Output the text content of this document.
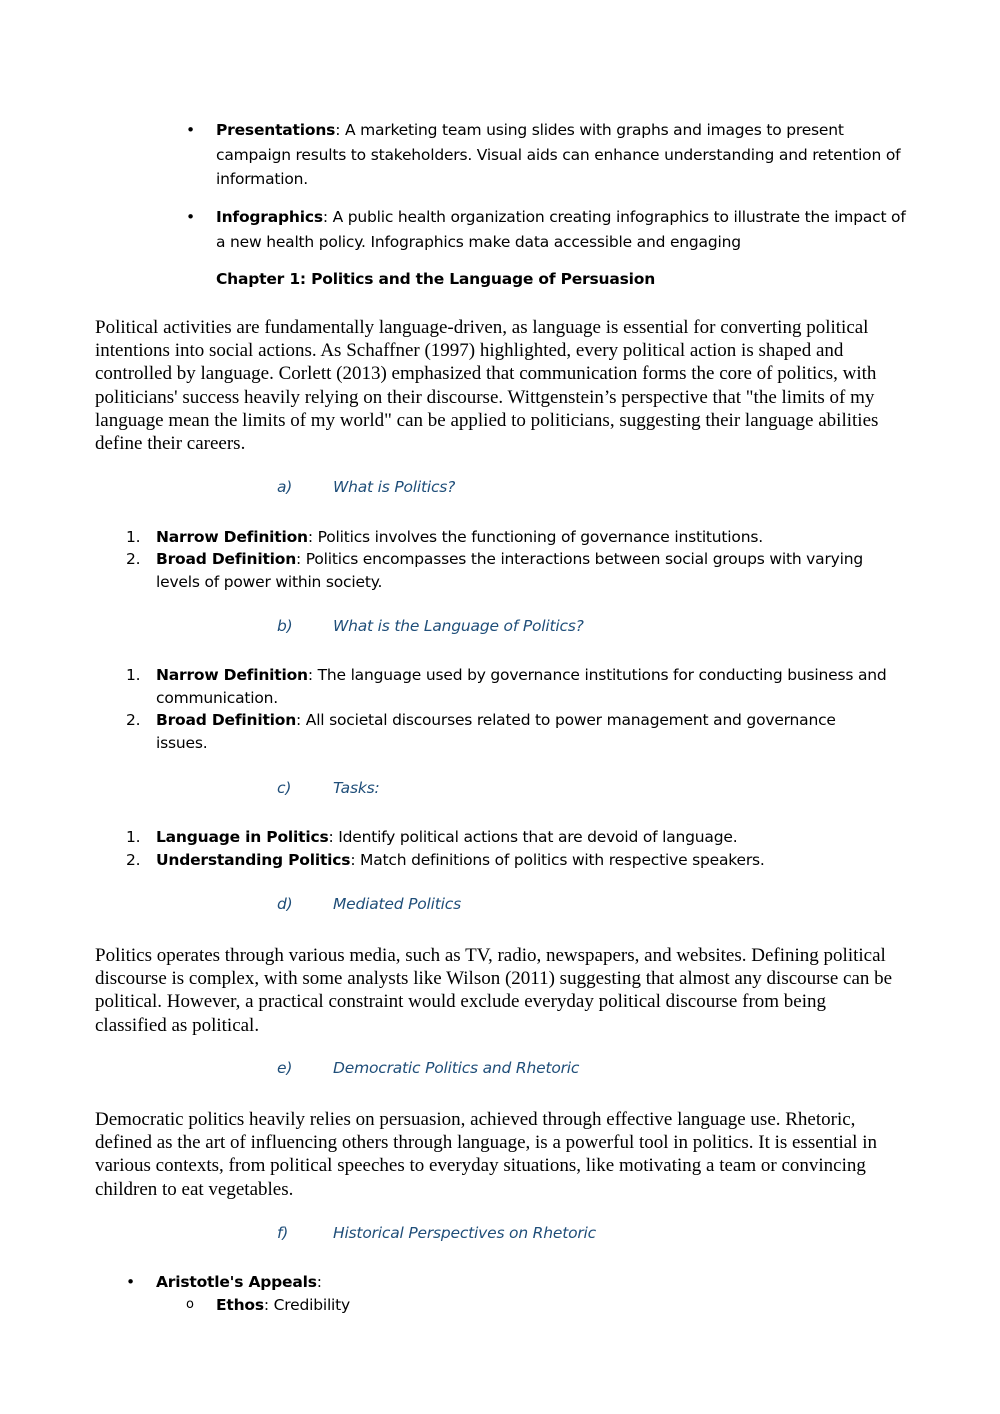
• Presentations: A marketing team using slides with graphs and images to present campaign results to stakeholders. Visual aids can enhance understanding and retention of information.
• Infographics: A public health organization creating infographics to illustrate the impact of a new health policy. Infographics make data accessible and engaging
Chapter 1: Politics and the Language of Persuasion
Political activities are fundamentally language-driven, as language is essential for converting political intentions into social actions. As Schaffner (1997) highlighted, every political action is shaped and controlled by language. Corlett (2013) emphasized that communication forms the core of politics, with politicians' success heavily relying on their discourse. Wittgenstein’s perspective that "the limits of my language mean the limits of my world" can be applied to politicians, suggesting their language abilities define their careers.
a)	What is Politics?
1. Narrow Definition: Politics involves the functioning of governance institutions.
2. Broad Definition: Politics encompasses the interactions between social groups with varying levels of power within society.
b)	What is the Language of Politics?
1. Narrow Definition: The language used by governance institutions for conducting business and communication.
2. Broad Definition: All societal discourses related to power management and governance issues.
c)	Tasks:
1. Language in Politics: Identify political actions that are devoid of language.
2. Understanding Politics: Match definitions of politics with respective speakers.
d)	Mediated Politics
Politics operates through various media, such as TV, radio, newspapers, and websites. Defining political discourse is complex, with some analysts like Wilson (2011) suggesting that almost any discourse can be political. However, a practical constraint would exclude everyday political discourse from being classified as political.
e)	Democratic Politics and Rhetoric
Democratic politics heavily relies on persuasion, achieved through effective language use. Rhetoric, defined as the art of influencing others through language, is a powerful tool in politics. It is essential in various contexts, from political speeches to everyday situations, like motivating a team or convincing children to eat vegetables.
f)	Historical Perspectives on Rhetoric
• Aristotle's Appeals:
o Ethos: Credibility
